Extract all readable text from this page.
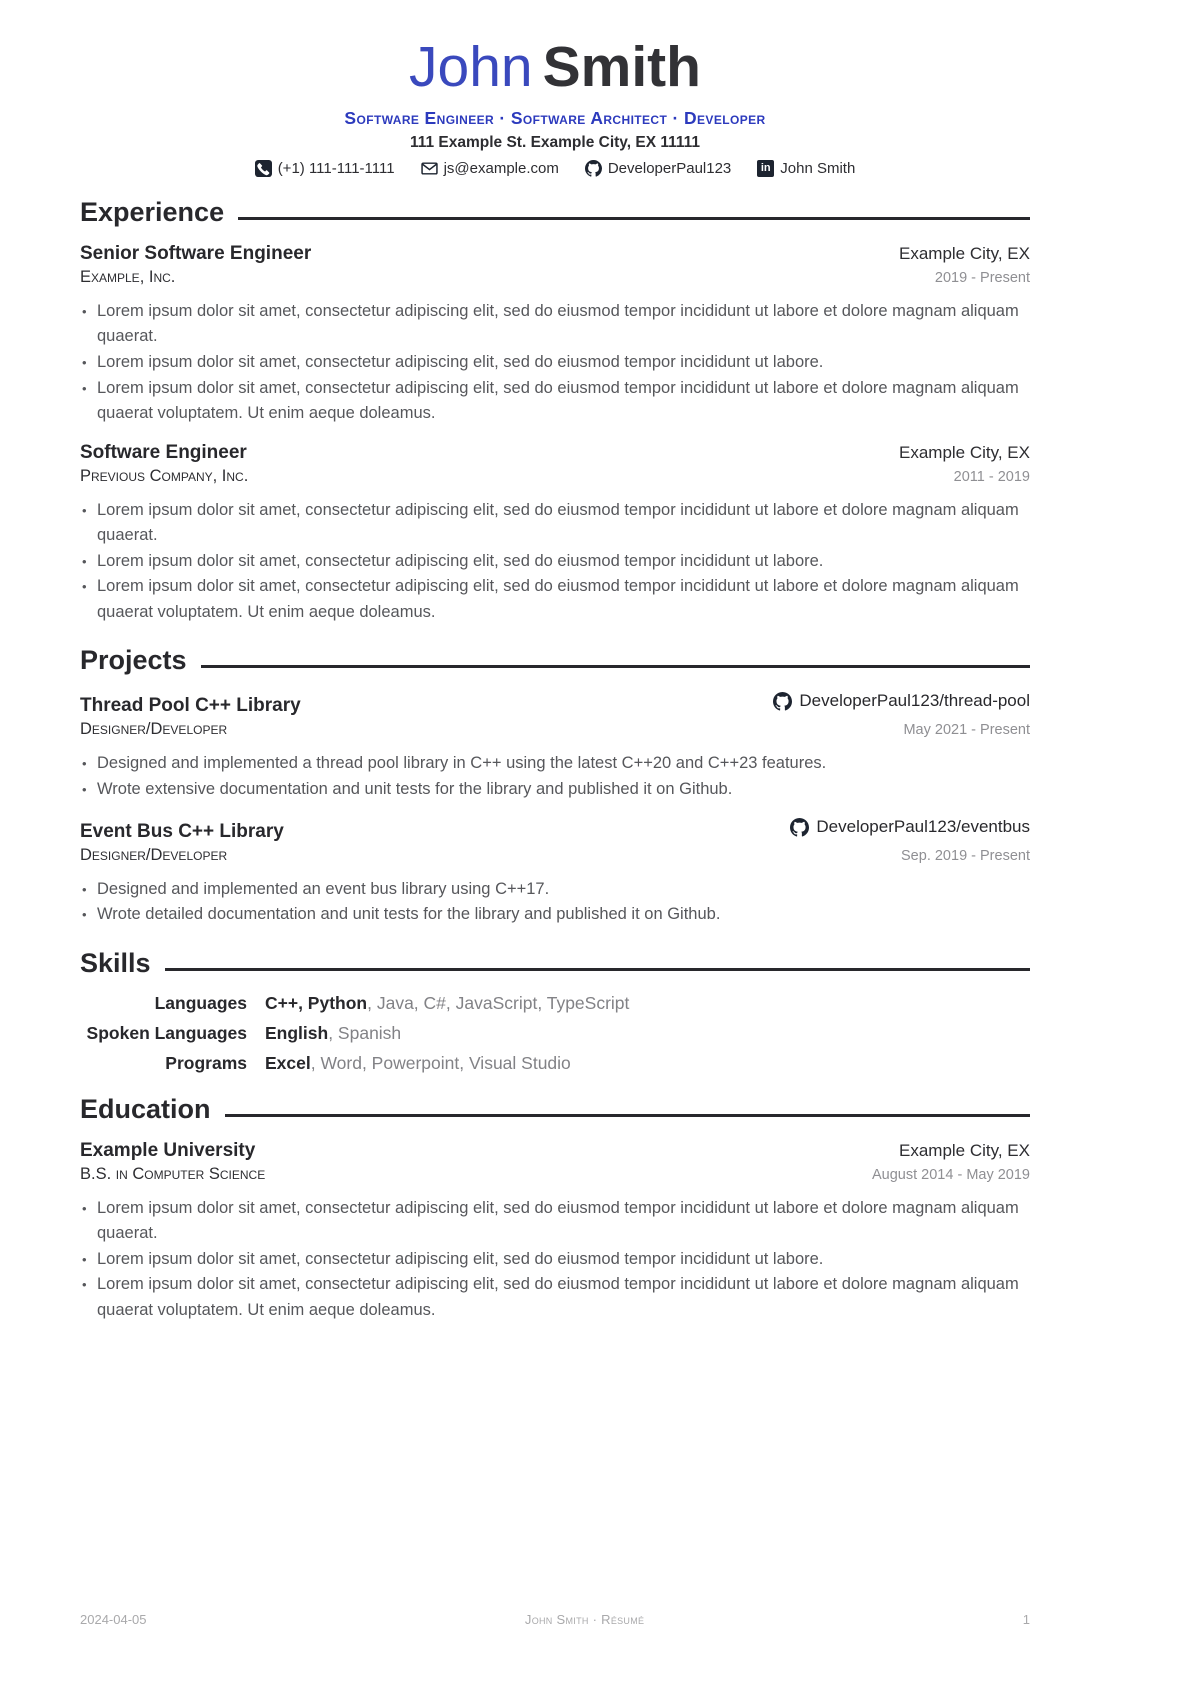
John Smith
Software Engineer · Software Architect · Developer
111 Example St. Example City, EX 11111
(+1) 111-111-1111	js@example.com	DeveloperPaul123	in John Smith
Experience
Senior Software Engineer	Example City, EX
Example, Inc.	2019 - Present
• Lorem ipsum dolor sit amet, consectetur adipiscing elit, sed do eiusmod tempor incididunt ut labore et dolore magnam aliquam quaerat.
• Lorem ipsum dolor sit amet, consectetur adipiscing elit, sed do eiusmod tempor incididunt ut labore.
• Lorem ipsum dolor sit amet, consectetur adipiscing elit, sed do eiusmod tempor incididunt ut labore et dolore magnam aliquam quaerat voluptatem. Ut enim aeque doleamus.
Software Engineer	Example City, EX
Previous Company, Inc.	2011 - 2019
• Lorem ipsum dolor sit amet, consectetur adipiscing elit, sed do eiusmod tempor incididunt ut labore et dolore magnam aliquam quaerat.
• Lorem ipsum dolor sit amet, consectetur adipiscing elit, sed do eiusmod tempor incididunt ut labore.
• Lorem ipsum dolor sit amet, consectetur adipiscing elit, sed do eiusmod tempor incididunt ut labore et dolore magnam aliquam quaerat voluptatem. Ut enim aeque doleamus.
Projects
Thread Pool C++ Library	DeveloperPaul123/thread-pool
Designer/Developer	May 2021 - Present
• Designed and implemented a thread pool library in C++ using the latest C++20 and C++23 features.
• Wrote extensive documentation and unit tests for the library and published it on Github.
Event Bus C++ Library	DeveloperPaul123/eventbus
Designer/Developer	Sep. 2019 - Present
• Designed and implemented an event bus library using C++17.
• Wrote detailed documentation and unit tests for the library and published it on Github.
Skills
Languages	C++, Python, Java, C#, JavaScript, TypeScript
Spoken Languages	English, Spanish
Programs	Excel, Word, Powerpoint, Visual Studio
Education
Example University	Example City, EX
B.S. in Computer Science	August 2014 - May 2019
• Lorem ipsum dolor sit amet, consectetur adipiscing elit, sed do eiusmod tempor incididunt ut labore et dolore magnam aliquam quaerat.
• Lorem ipsum dolor sit amet, consectetur adipiscing elit, sed do eiusmod tempor incididunt ut labore.
• Lorem ipsum dolor sit amet, consectetur adipiscing elit, sed do eiusmod tempor incididunt ut labore et dolore magnam aliquam quaerat voluptatem. Ut enim aeque doleamus.
2024-04-05	John Smith · Résumé	1
